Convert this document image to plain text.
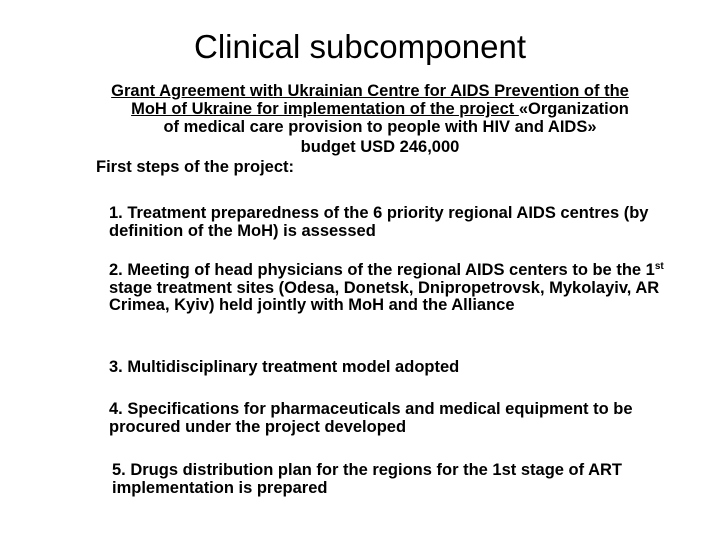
Clinical subcomponent
Grant Agreement with Ukrainian Centre for AIDS Prevention of the
MoH of Ukraine for implementation of the project «Organization
of medical care provision to people with HIV and AIDS»
budget USD 246,000
First steps of the project:
1. Treatment preparedness of the 6 priority regional AIDS centres (by definition of the MoH) is assessed
2. Meeting of head physicians of the regional AIDS centers to be the 1st stage treatment sites (Odesa, Donetsk, Dnipropetrovsk, Mykolayiv, AR Crimea, Kyiv) held jointly with MoH and the Alliance
3. Multidisciplinary treatment model adopted
4. Specifications for pharmaceuticals and medical equipment to be procured under the project developed
5. Drugs distribution plan for the regions for the 1st stage of ART implementation is prepared
